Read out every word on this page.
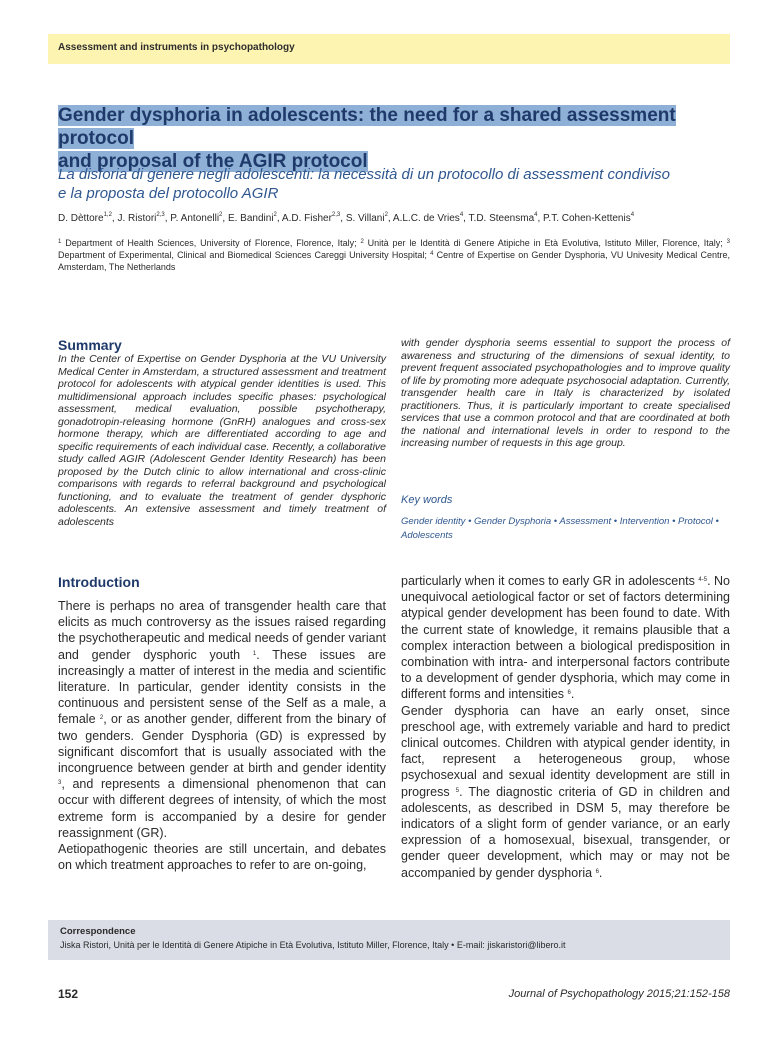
Assessment and instruments in psychopathology
Gender dysphoria in adolescents: the need for a shared assessment protocol
and proposal of the AGIR protocol
La disforia di genere negli adolescenti: la necessità di un protocollo di assessment condiviso
e la proposta del protocollo AGIR
D. Dèttore$^{1,2}$, J. Ristori$^{2,3}$, P. Antonelli$^2$, E. Bandini$^2$, A.D. Fisher$^{2,3}$, S. Villani$^2$, A.L.C. de Vries$^4$, T.D. Steensma$^4$, P.T. Cohen-Kettenis$^4$
$^1$ Department of Health Sciences, University of Florence, Florence, Italy; $^2$ Unità per le Identità di Genere Atipiche in Età Evolutiva, Istituto Miller, Florence, Italy; $^3$ Department of Experimental, Clinical and Biomedical Sciences Careggi University Hospital; $^4$ Centre of Expertise on Gender Dysphoria, VU Univesity Medical Centre, Amsterdam, The Netherlands
Summary
In the Center of Expertise on Gender Dysphoria at the VU University Medical Center in Amsterdam, a structured assessment and treatment protocol for adolescents with atypical gender identities is used. This multidimensional approach includes specific phases: psychological assessment, medical evaluation, possible psychotherapy, gonadotropin-releasing hormone (GnRH) analogues and cross-sex hormone therapy, which are differentiated according to age and specific requirements of each individual case. Recently, a collaborative study called AGIR (Adolescent Gender Identity Research) has been proposed by the Dutch clinic to allow international and cross-clinic comparisons with regards to referral background and psychological functioning, and to evaluate the treatment of gender dysphoric adolescents. An extensive assessment and timely treatment of adolescents
with gender dysphoria seems essential to support the process of awareness and structuring of the dimensions of sexual identity, to prevent frequent associated psychopathologies and to improve quality of life by promoting more adequate psychosocial adaptation. Currently, transgender health care in Italy is characterized by isolated practitioners. Thus, it is particularly important to create specialised services that use a common protocol and that are coordinated at both the national and international levels in order to respond to the increasing number of requests in this age group.
Key words
Gender identity • Gender Dysphoria • Assessment • Intervention • Protocol • Adolescents
Introduction

There is perhaps no area of transgender health care that elicits as much controversy as the issues raised regarding the psychotherapeutic and medical needs of gender variant and gender dysphoric youth $^1$. These issues are increasingly a matter of interest in the media and scientific literature. In particular, gender identity consists in the continuous and persistent sense of the Self as a male, a female $^2$, or as another gender, different from the binary of two genders. Gender Dysphoria (GD) is expressed by significant discomfort that is usually associated with the incongruence between gender at birth and gender identity $^3$, and represents a dimensional phenomenon that can occur with different degrees of intensity, of which the most extreme form is accompanied by a desire for gender reassignment (GR).

Aetiopathogenic theories are still uncertain, and debates on which treatment approaches to refer to are on-going,

particularly when it comes to early GR in adolescents $^{4-5}$. No unequivocal aetiological factor or set of factors determining atypical gender development has been found to date. With the current state of knowledge, it remains plausible that a complex interaction between a biological predisposition in combination with intra- and interpersonal factors contribute to a development of gender dysphoria, which may come in different forms and intensities $^6$.

Gender dysphoria can have an early onset, since preschool age, with extremely variable and hard to predict clinical outcomes. Children with atypical gender identity, in fact, represent a heterogeneous group, whose psychosexual and sexual identity development are still in progress $^5$. The diagnostic criteria of GD in children and adolescents, as described in DSM 5, may therefore be indicators of a slight form of gender variance, or an early expression of a homosexual, bisexual, transgender, or gender queer development, which may or may not be accompanied by gender dysphoria $^6$.

Correspondence
Jiska Ristori, Unità per le Identità di Genere Atipiche in Età Evolutiva, Istituto Miller, Florence, Italy • E-mail: jiskaristori@libero.it
152	Journal of Psychopathology 2015;21:152-158
